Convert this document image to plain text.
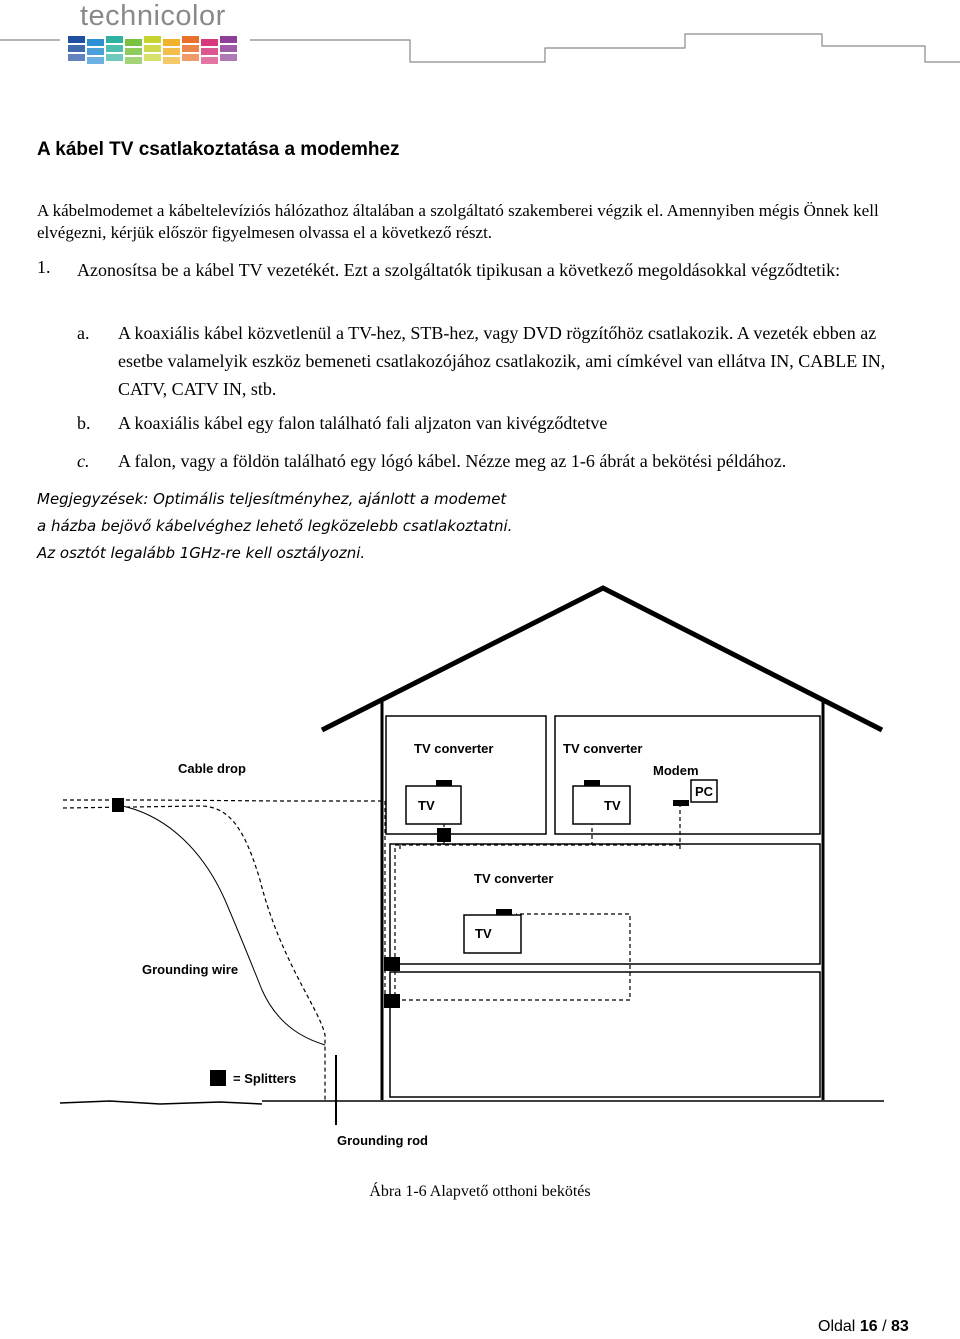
technicolor
A kábel TV csatlakoztatása a modemhez
A kábelmodemet a kábeltelevíziós hálózathoz általában a szolgáltató szakemberei végzik el. Amennyiben mégis Önnek kell elvégezni, kérjük először figyelmesen olvassa el a következő részt.
1. Azonosítsa be a kábel TV vezetékét. Ezt a szolgáltatók tipikusan a következő megoldásokkal végződtetik:
a. A koaxiális kábel közvetlenül a TV-hez, STB-hez, vagy DVD rögzítőhöz csatlakozik. A vezeték ebben az esetbe valamelyik eszköz bemeneti csatlakozójához csatlakozik, ami címkével van ellátva IN, CABLE IN, CATV, CATV IN, stb.
b. A koaxiális kábel egy falon található fali aljzaton van kivégződtetve
c. A falon, vagy a földön található egy lógó kábel. Nézze meg az 1-6 ábrát a bekötési példához.
Megjegyzések: Optimális teljesítményhez, ajánlott a modemet
a házba bejövő kábelvéghez lehető legközelebb csatlakoztatni.
Az osztót legalább 1GHz-re kell osztályozni.
Cable drop
TV converter	TV converter
Modem
PC
TV	TV
TV converter
TV
Grounding wire
= Splitters
Grounding rod
Ábra 1-6 Alapvető otthoni bekötés
Oldal 16 / 83
